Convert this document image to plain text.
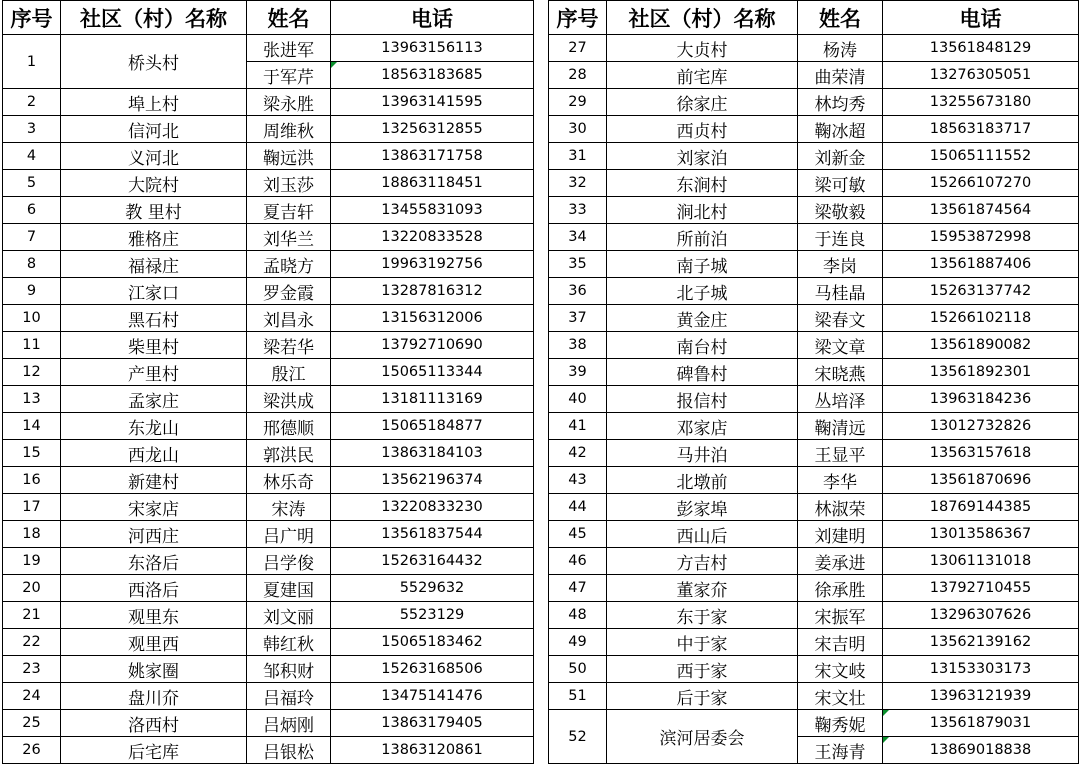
序号	社区（村）名称	姓名	电话
1	桥头村	张进军	13963156113
		于军芹	18563183685
2	埠上村	梁永胜	13963141595
3	信河北	周维秋	13256312855
4	义河北	鞠远洪	13863171758
5	大院村	刘玉莎	18863118451
6	教 里村	夏吉轩	13455831093
7	雅格庄	刘华兰	13220833528
8	福禄庄	孟晓方	19963192756
9	江家口	罗金霞	13287816312
10	黑石村	刘昌永	13156312006
11	柴里村	梁若华	13792710690
12	产里村	殷江	15065113344
13	孟家庄	梁洪成	13181113169
14	东龙山	邢德顺	15065184877
15	西龙山	郭洪民	13863184103
16	新建村	林乐奇	13562196374
17	宋家店	宋涛	13220833230
18	河西庄	吕广明	13561837544
19	东洛后	吕学俊	15263164432
20	西洛后	夏建国	5529632
21	观里东	刘文丽	5523129
22	观里西	韩红秋	15065183462
23	姚家圈	邹积财	15263168506
24	盘川夼	吕福玲	13475141476
25	洛西村	吕炳刚	13863179405
26	后宅库	吕银松	13863120861
序号	社区（村）名称	姓名	电话
27	大贞村	杨涛	13561848129
28	前宅库	曲荣清	13276305051
29	徐家庄	林均秀	13255673180
30	西贞村	鞠冰超	18563183717
31	刘家泊	刘新金	15065111552
32	东涧村	梁可敏	15266107270
33	涧北村	梁敬毅	13561874564
34	所前泊	于连良	15953872998
35	南子城	李岗	13561887406
36	北子城	马桂晶	15263137742
37	黄金庄	梁春文	15266102118
38	南台村	梁文章	13561890082
39	碑鲁村	宋晓燕	13561892301
40	报信村	丛培泽	13963184236
41	邓家店	鞠清远	13012732826
42	马井泊	王显平	13563157618
43	北墩前	李华	13561870696
44	彭家埠	林淑荣	18769144385
45	西山后	刘建明	13013586367
46	方吉村	姜承进	13061131018
47	董家夼	徐承胜	13792710455
48	东于家	宋振军	13296307626
49	中于家	宋吉明	13562139162
50	西于家	宋文岐	13153303173
51	后于家	宋文壮	13963121939
52	滨河居委会	鞠秀妮	13561879031
		王海青	13869018838
